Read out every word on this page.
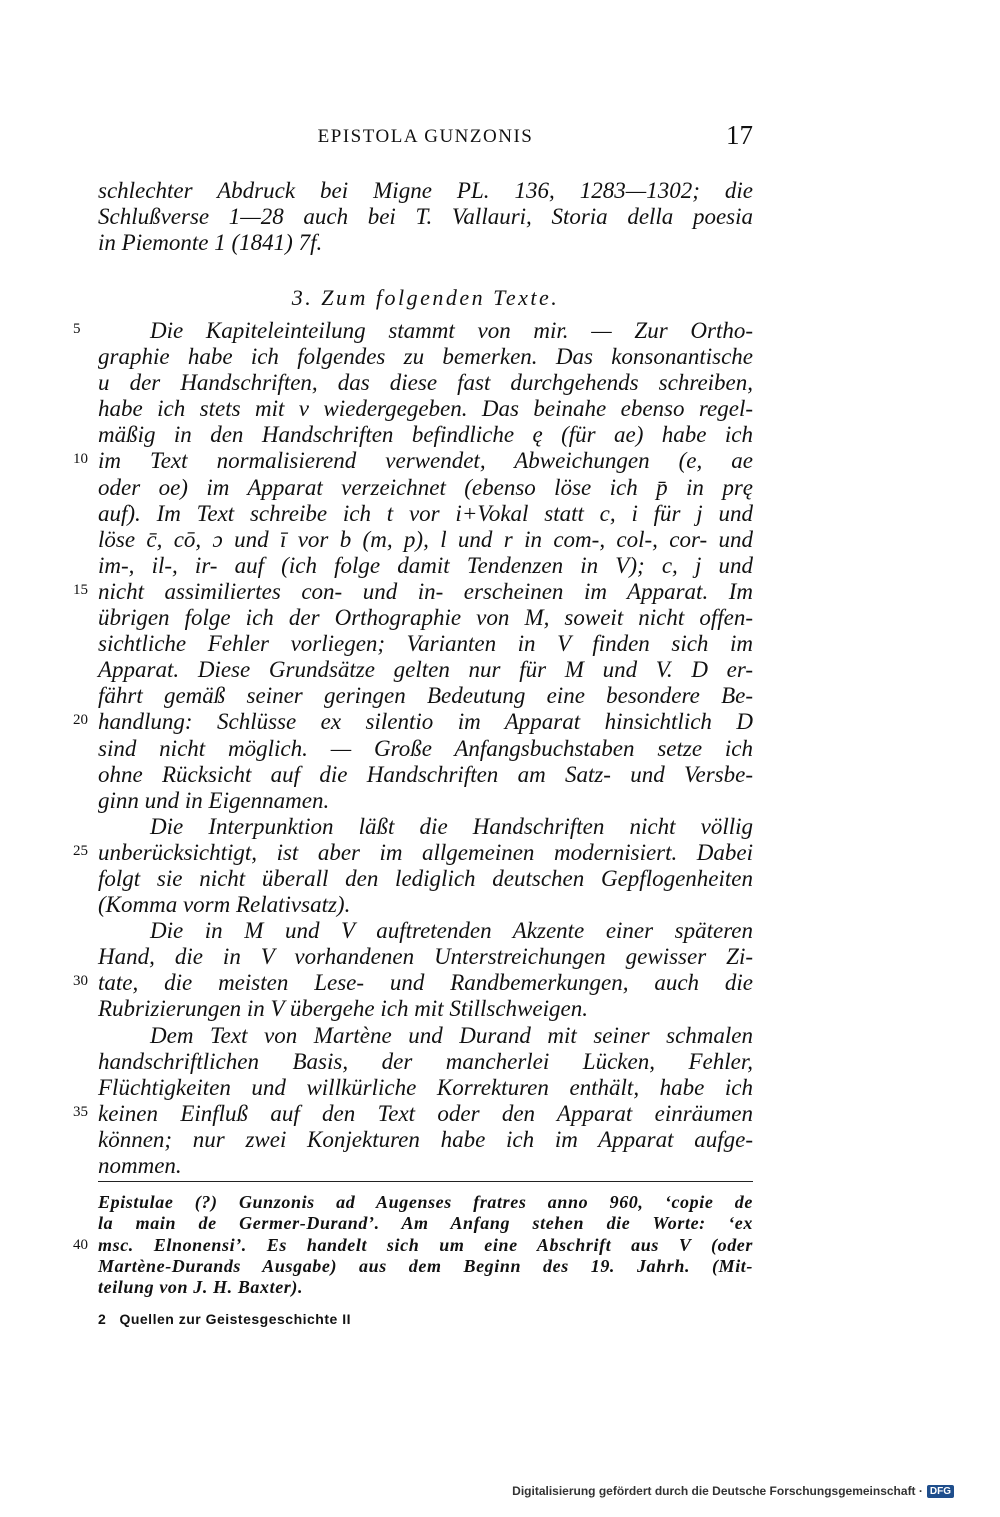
EPISTOLA GUNZONIS	17
schlechter Abdruck bei Migne PL. 136, 1283—1302; die
Schlußverse 1—28 auch bei T. Vallauri, Storia della poesia
in Piemonte 1 (1841) 7f.
3. Zum folgenden Texte.
Die Kapiteleinteilung stammt von mir. — Zur Ortho-
graphie habe ich folgendes zu bemerken. Das konsonantische
u der Handschriften, das diese fast durchgehends schreiben,
habe ich stets mit v wiedergegeben. Das beinahe ebenso regel-
mäßig in den Handschriften befindliche ę (für ae) habe ich
im Text normalisierend verwendet, Abweichungen (e, ae
oder oe) im Apparat verzeichnet (ebenso löse ich p̄ in prę
auf). Im Text schreibe ich t vor i+Vokal statt c, i für j und
löse c̄, cō, ɔ und ī vor b (m, p), l und r in com-, col-, cor- und
im-, il-, ir- auf (ich folge damit Tendenzen in V); c, j und
nicht assimiliertes con- und in- erscheinen im Apparat. Im
übrigen folge ich der Orthographie von M, soweit nicht offen-
sichtliche Fehler vorliegen; Varianten in V finden sich im
Apparat. Diese Grundsätze gelten nur für M und V. D er-
fährt gemäß seiner geringen Bedeutung eine besondere Be-
handlung: Schlüsse ex silentio im Apparat hinsichtlich D
sind nicht möglich. — Große Anfangsbuchstaben setze ich
ohne Rücksicht auf die Handschriften am Satz- und Versbe-
ginn und in Eigennamen.
Die Interpunktion läßt die Handschriften nicht völlig
unberücksichtigt, ist aber im allgemeinen modernisiert. Dabei
folgt sie nicht überall den lediglich deutschen Gepflogenheiten
(Komma vorm Relativsatz).
Die in M und V auftretenden Akzente einer späteren
Hand, die in V vorhandenen Unterstreichungen gewisser Zi-
tate, die meisten Lese- und Randbemerkungen, auch die
Rubrizierungen in V übergehe ich mit Stillschweigen.
Dem Text von Martène und Durand mit seiner schmalen
handschriftlichen Basis, der mancherlei Lücken, Fehler,
Flüchtigkeiten und willkürliche Korrekturen enthält, habe ich
keinen Einfluß auf den Text oder den Apparat einräumen
können; nur zwei Konjekturen habe ich im Apparat aufge-
nommen.
5
10
15
20
25
30
35
40
Epistulae (?) Gunzonis ad Augenses fratres anno 960, ‘copie de
la main de Germer-Durand’. Am Anfang stehen die Worte: ‘ex
msc. Elnonensi’. Es handelt sich um eine Abschrift aus V (oder
Martène-Durands Ausgabe) aus dem Beginn des 19. Jahrh. (Mit-
teilung von J. H. Baxter).
2   Quellen zur Geistesgeschichte II
Digitalisierung gefördert durch die Deutsche Forschungsgemeinschaft · DFG
